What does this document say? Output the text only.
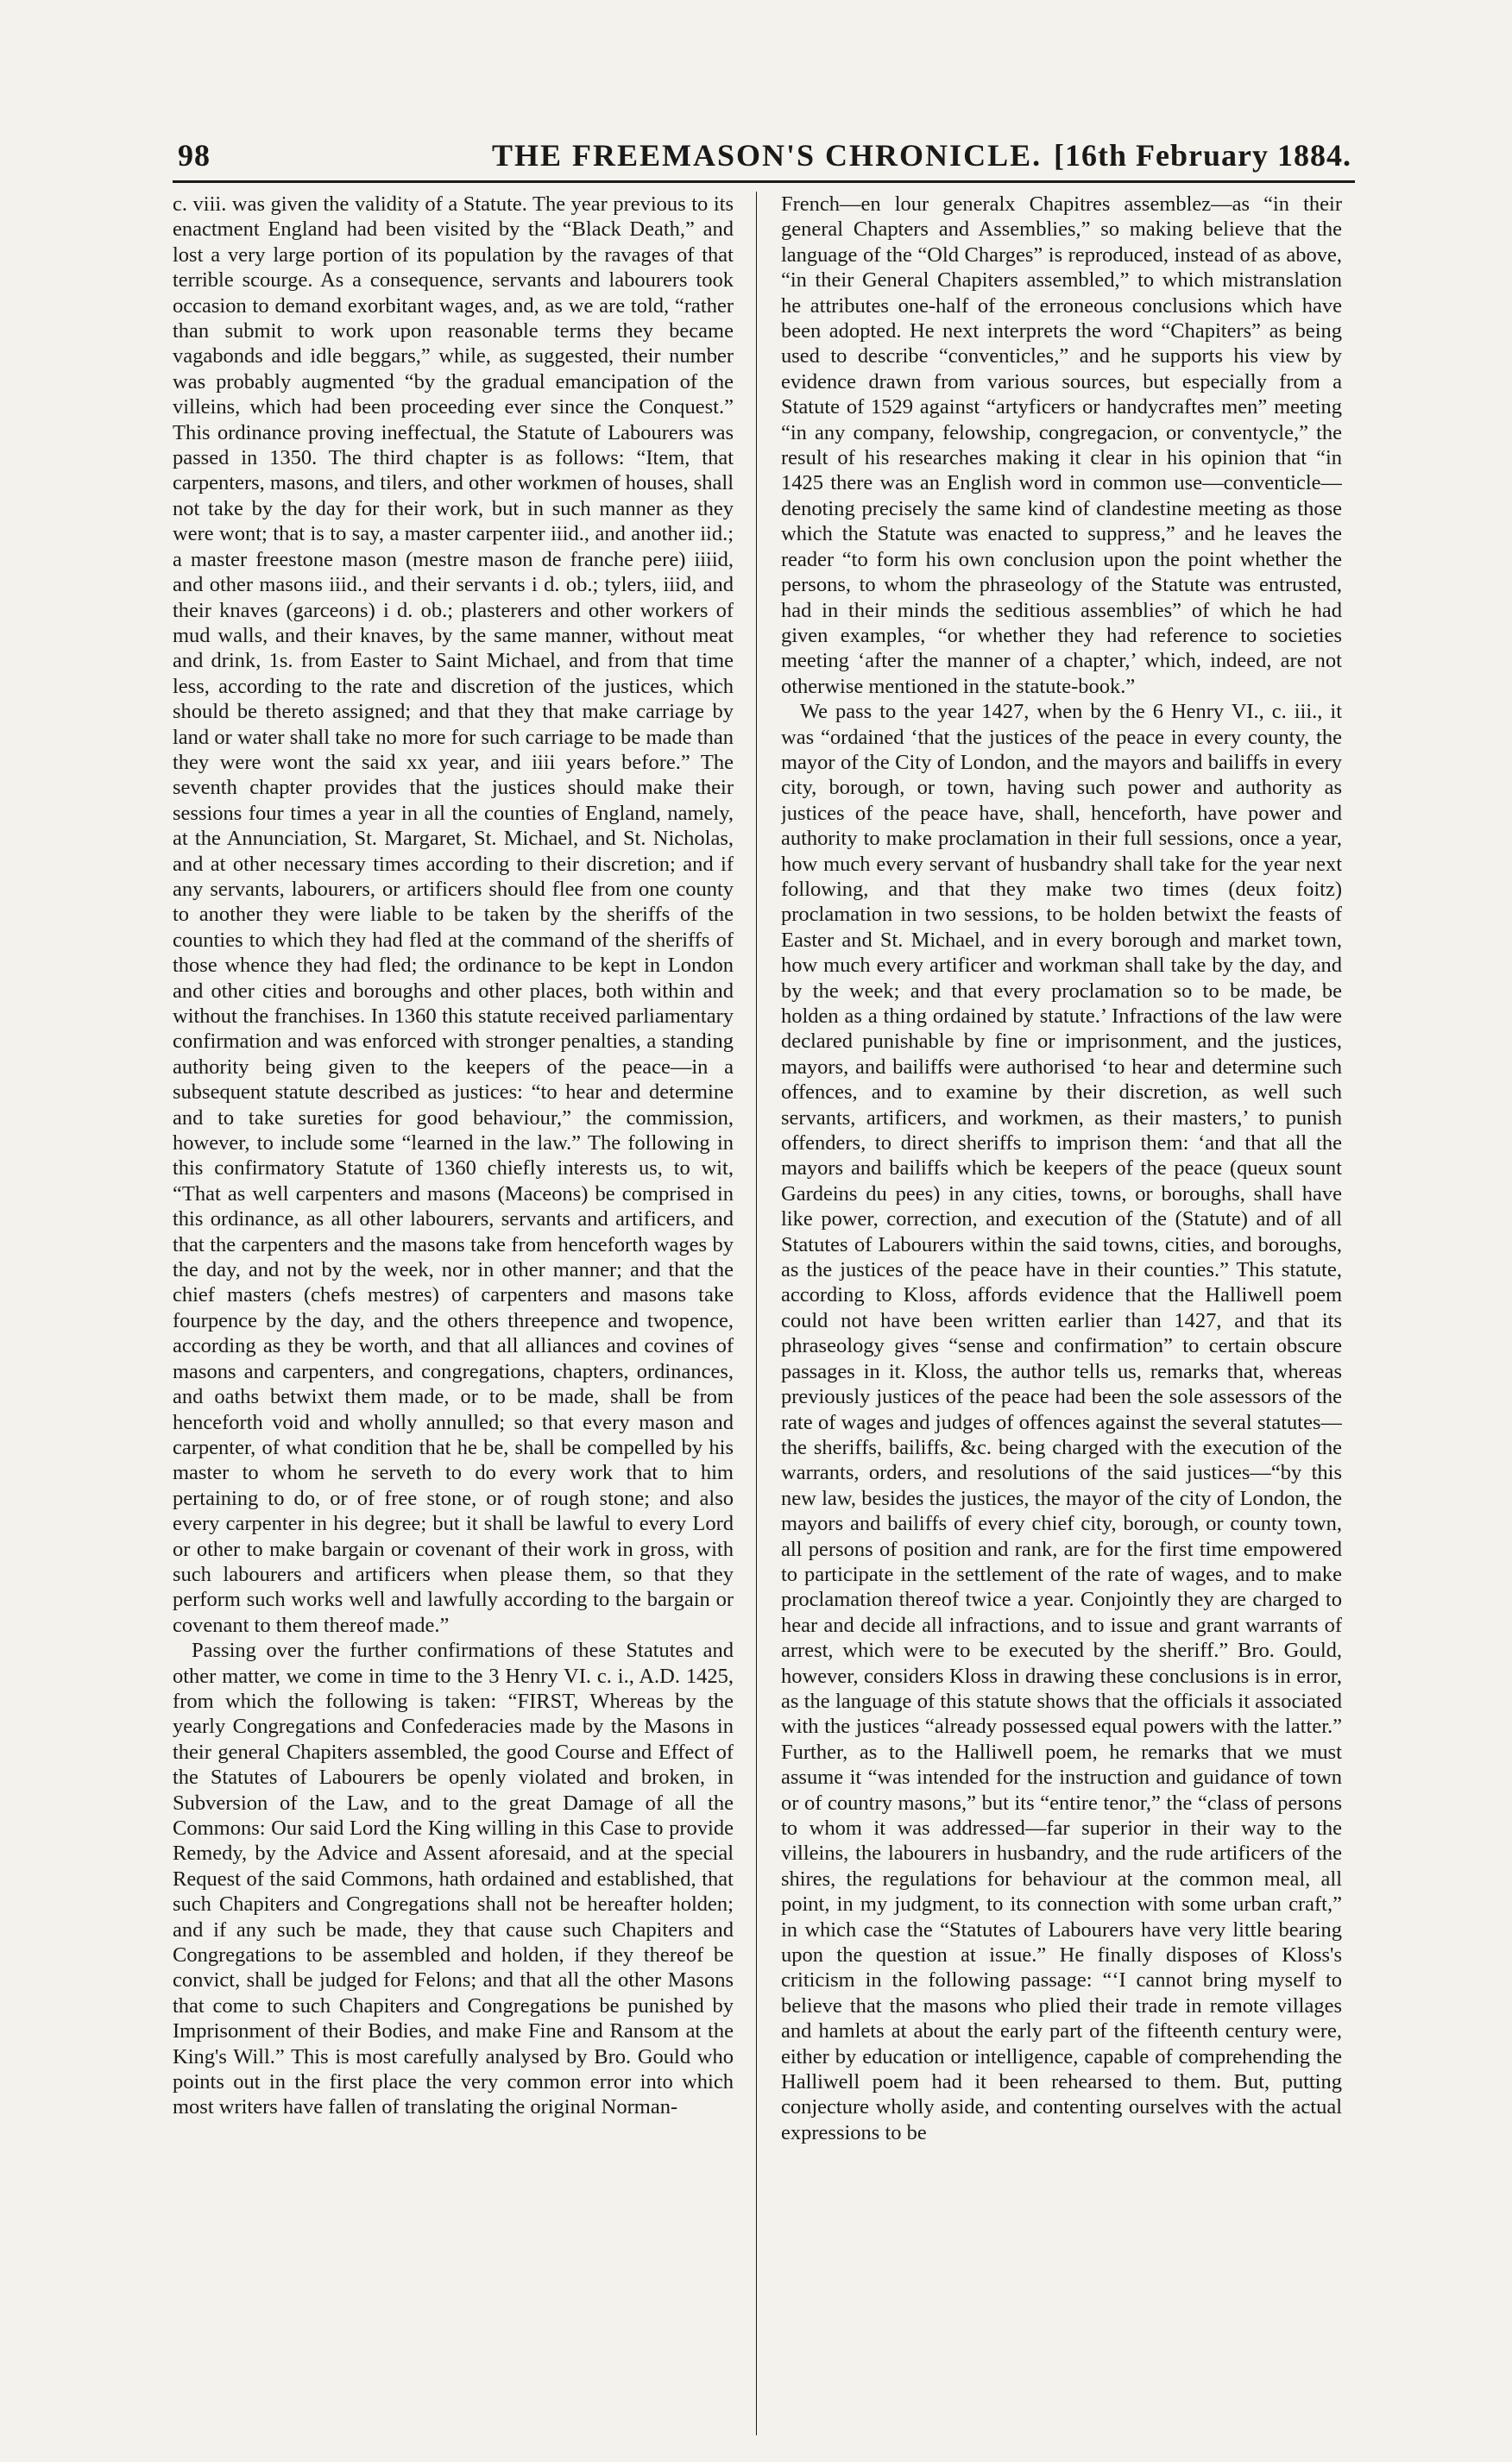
98	THE FREEMASON'S CHRONICLE. [16th February 1884.

c. viii. was given the validity of a Statute. The year previous to its enactment England had been visited by the “Black Death,” and lost a very large portion of its population by the ravages of that terrible scourge. As a consequence, servants and labourers took occasion to demand exorbitant wages, and, as we are told, “rather than submit to work upon reasonable terms they became vagabonds and idle beggars,” while, as suggested, their number was probably augmented “by the gradual emancipation of the villeins, which had been proceeding ever since the Conquest.” This ordinance proving ineffectual, the Statute of Labourers was passed in 1350. The third chapter is as follows: “Item, that carpenters, masons, and tilers, and other workmen of houses, shall not take by the day for their work, but in such manner as they were wont; that is to say, a master carpenter iiid., and another iid.; a master freestone mason (mestre mason de franche pere) iiiid, and other masons iiid., and their servants i d. ob.; tylers, iiid, and their knaves (garceons) i d. ob.; plasterers and other workers of mud walls, and their knaves, by the same manner, without meat and drink, 1s. from Easter to Saint Michael, and from that time less, according to the rate and discretion of the justices, which should be thereto assigned; and that they that make carriage by land or water shall take no more for such carriage to be made than they were wont the said xx year, and iiii years before.” The seventh chapter provides that the justices should make their sessions four times a year in all the counties of England, namely, at the Annunciation, St. Margaret, St. Michael, and St. Nicholas, and at other necessary times according to their discretion; and if any servants, labourers, or artificers should flee from one county to another they were liable to be taken by the sheriffs of the counties to which they had fled at the command of the sheriffs of those whence they had fled; the ordinance to be kept in London and other cities and boroughs and other places, both within and without the franchises. In 1360 this statute received parliamentary confirmation and was enforced with stronger penalties, a standing authority being given to the keepers of the peace—in a subsequent statute described as justices: “to hear and determine and to take sureties for good behaviour,” the commission, however, to include some “learned in the law.” The following in this confirmatory Statute of 1360 chiefly interests us, to wit, “That as well carpenters and masons (Maceons) be comprised in this ordinance, as all other labourers, servants and artificers, and that the carpenters and the masons take from henceforth wages by the day, and not by the week, nor in other manner; and that the chief masters (chefs mestres) of carpenters and masons take fourpence by the day, and the others threepence and twopence, according as they be worth, and that all alliances and covines of masons and carpenters, and congregations, chapters, ordinances, and oaths betwixt them made, or to be made, shall be from henceforth void and wholly annulled; so that every mason and carpenter, of what condition that he be, shall be compelled by his master to whom he serveth to do every work that to him pertaining to do, or of free stone, or of rough stone; and also every carpenter in his degree; but it shall be lawful to every Lord or other to make bargain or covenant of their work in gross, with such labourers and artificers when please them, so that they perform such works well and lawfully according to the bargain or covenant to them thereof made.”

Passing over the further confirmations of these Statutes and other matter, we come in time to the 3 Henry VI. c. i., A.D. 1425, from which the following is taken: “FIRST, Whereas by the yearly Congregations and Confederacies made by the Masons in their general Chapiters assembled, the good Course and Effect of the Statutes of Labourers be openly violated and broken, in Subversion of the Law, and to the great Damage of all the Commons: Our said Lord the King willing in this Case to provide Remedy, by the Advice and Assent aforesaid, and at the special Request of the said Commons, hath ordained and established, that such Chapiters and Congregations shall not be hereafter holden; and if any such be made, they that cause such Chapiters and Congregations to be assembled and holden, if they thereof be convict, shall be judged for Felons; and that all the other Masons that come to such Chapiters and Congregations be punished by Imprisonment of their Bodies, and make Fine and Ransom at the King's Will.” This is most carefully analysed by Bro. Gould who points out in the first place the very common error into which most writers have fallen of translating the original Norman-

French—en lour generalx Chapitres assemblez—as “in their general Chapters and Assemblies,” so making believe that the language of the “Old Charges” is reproduced, instead of as above, “in their General Chapiters assembled,” to which mistranslation he attributes one-half of the erroneous conclusions which have been adopted. He next interprets the word “Chapiters” as being used to describe “conventicles,” and he supports his view by evidence drawn from various sources, but especially from a Statute of 1529 against “artyficers or handycraftes men” meeting “in any company, felowship, congregacion, or conventycle,” the result of his researches making it clear in his opinion that “in 1425 there was an English word in common use—conventicle—denoting precisely the same kind of clandestine meeting as those which the Statute was enacted to suppress,” and he leaves the reader “to form his own conclusion upon the point whether the persons, to whom the phraseology of the Statute was entrusted, had in their minds the seditious assemblies” of which he had given examples, “or whether they had reference to societies meeting ‘after the manner of a chapter,’ which, indeed, are not otherwise mentioned in the statute-book.”

We pass to the year 1427, when by the 6 Henry VI., c. iii., it was “ordained ‘that the justices of the peace in every county, the mayor of the City of London, and the mayors and bailiffs in every city, borough, or town, having such power and authority as justices of the peace have, shall, henceforth, have power and authority to make proclamation in their full sessions, once a year, how much every servant of husbandry shall take for the year next following, and that they make two times (deux foitz) proclamation in two sessions, to be holden betwixt the feasts of Easter and St. Michael, and in every borough and market town, how much every artificer and workman shall take by the day, and by the week; and that every proclamation so to be made, be holden as a thing ordained by statute.’ Infractions of the law were declared punishable by fine or imprisonment, and the justices, mayors, and bailiffs were authorised ‘to hear and determine such offences, and to examine by their discretion, as well such servants, artificers, and workmen, as their masters,’ to punish offenders, to direct sheriffs to imprison them: ‘and that all the mayors and bailiffs which be keepers of the peace (queux sount Gardeins du pees) in any cities, towns, or boroughs, shall have like power, correction, and execution of the (Statute) and of all Statutes of Labourers within the said towns, cities, and boroughs, as the justices of the peace have in their counties.” This statute, according to Kloss, affords evidence that the Halliwell poem could not have been written earlier than 1427, and that its phraseology gives “sense and confirmation” to certain obscure passages in it. Kloss, the author tells us, remarks that, whereas previously justices of the peace had been the sole assessors of the rate of wages and judges of offences against the several statutes—the sheriffs, bailiffs, &c. being charged with the execution of the warrants, orders, and resolutions of the said justices—“by this new law, besides the justices, the mayor of the city of London, the mayors and bailiffs of every chief city, borough, or county town, all persons of position and rank, are for the first time empowered to participate in the settlement of the rate of wages, and to make proclamation thereof twice a year. Conjointly they are charged to hear and decide all infractions, and to issue and grant warrants of arrest, which were to be executed by the sheriff.” Bro. Gould, however, considers Kloss in drawing these conclusions is in error, as the language of this statute shows that the officials it associated with the justices “already possessed equal powers with the latter.” Further, as to the Halliwell poem, he remarks that we must assume it “was intended for the instruction and guidance of town or of country masons,” but its “entire tenor,” the “class of persons to whom it was addressed—far superior in their way to the villeins, the labourers in husbandry, and the rude artificers of the shires, the regulations for behaviour at the common meal, all point, in my judgment, to its connection with some urban craft,” in which case the “Statutes of Labourers have very little bearing upon the question at issue.” He finally disposes of Kloss's criticism in the following passage: “‘I cannot bring myself to believe that the masons who plied their trade in remote villages and hamlets at about the early part of the fifteenth century were, either by education or intelligence, capable of comprehending the Halliwell poem had it been rehearsed to them. But, putting conjecture wholly aside, and contenting ourselves with the actual expressions to be
